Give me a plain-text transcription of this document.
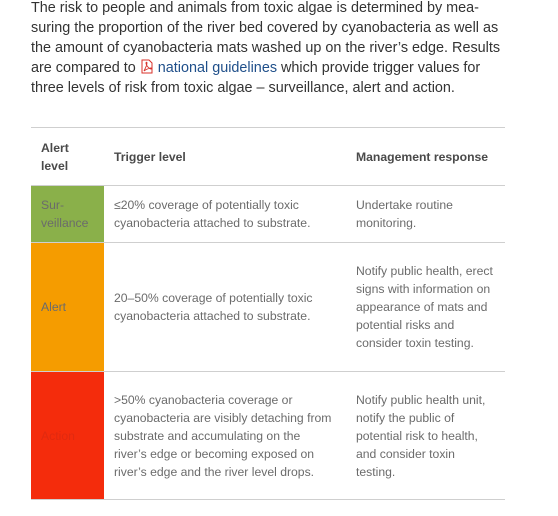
The risk to people and animals from toxic algae is determined by measuring the proportion of the river bed covered by cyanobacteria as well as the amount of cyanobacteria mats washed up on the river’s edge. Results are compared to national guidelines which provide trigger values for three levels of risk from toxic algae – surveillance, alert and action.

Alert level	Trigger level	Management response
Surveillance	≤20% coverage of potentially toxic cyanobacteria attached to substrate.	Undertake routine monitoring.
Alert	20–50% coverage of potentially toxic cyanobacteria attached to substrate.	Notify public health, erect signs with information on appearance of mats and potential risks and consider toxin testing.
Action	>50% cyanobacteria coverage or cyanobacteria are visibly detaching from substrate and accumulating on the river’s edge or becoming exposed on river’s edge and the river level drops.	Notify public health unit, notify the public of potential risk to health, and consider toxin testing.
